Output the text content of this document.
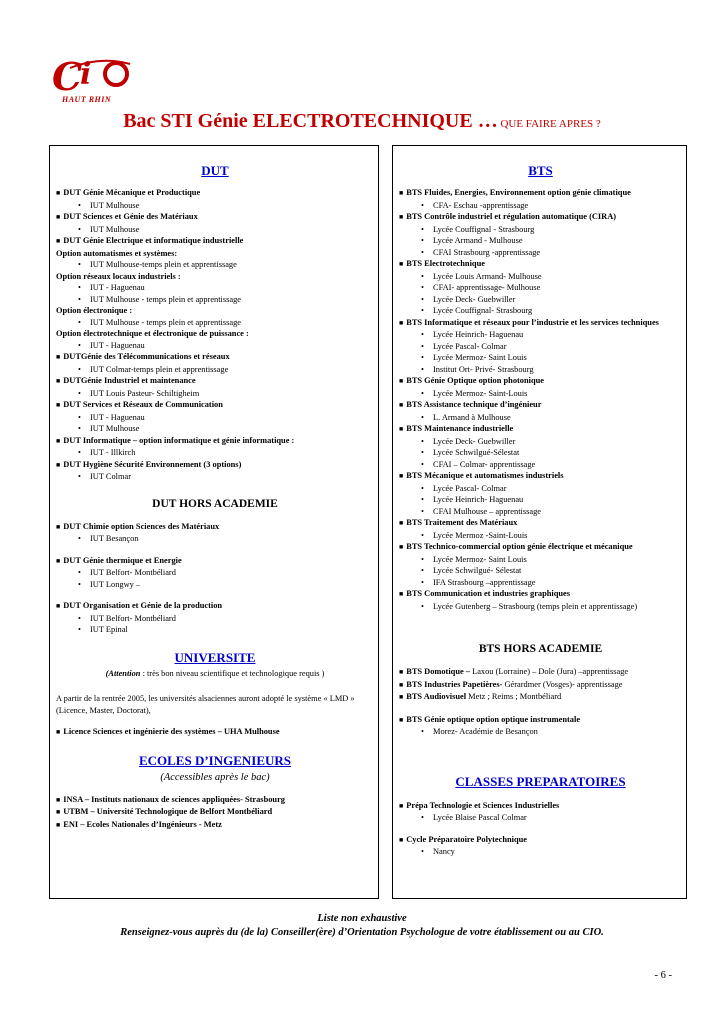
C
i
HAUT RHIN
Bac STI Génie ELECTROTECHNIQUE … QUE FAIRE APRES ?
DUT
■ DUT Génie Mécanique et Productique
• IUT Mulhouse
■ DUT Sciences et Génie des Matériaux
• IUT Mulhouse
■ DUT Génie Electrique et informatique industrielle
Option automatismes et systèmes:
• IUT Mulhouse-temps plein et apprentissage
Option réseaux locaux industriels :
• IUT - Haguenau
• IUT Mulhouse - temps plein et apprentissage
Option électronique :
• IUT Mulhouse - temps plein et apprentissage
Option électrotechnique et électronique de puissance :
• IUT - Haguenau
■ DUTGénie des Télécommunications et réseaux
• IUT Colmar-temps plein et apprentissage
■ DUTGénie Industriel et maintenance
• IUT Louis Pasteur- Schiltigheim
■ DUT Services et Réseaux de Communication
• IUT - Haguenau
• IUT Mulhouse
■ DUT Informatique – option informatique et génie informatique :
• IUT - Illkirch
■ DUT Hygiène Sécurité Environnement (3 options)
• IUT Colmar
DUT HORS ACADEMIE
■ DUT Chimie option Sciences des Matériaux
• IUT Besançon
■ DUT Génie thermique et Energie
• IUT Belfort- Montbéliard
• IUT Longwy –
■ DUT Organisation et Génie de la production
• IUT Belfort- Montbéliard
• IUT Epinal
UNIVERSITE
(Attention : très bon niveau scientifique et technologique requis )
A partir de la rentrée 2005, les universités alsaciennes auront adopté le système « LMD » (Licence, Master, Doctorat),
■ Licence Sciences et ingénierie des systèmes – UHA Mulhouse
ECOLES D’INGENIEURS
(Accessibles après le bac)
■ INSA – Instituts nationaux de sciences appliquées- Strasbourg
■ UTBM – Université Technologique de Belfort Montbéliard
■ ENI – Ecoles Nationales d’Ingénieurs - Metz
BTS
■ BTS Fluides, Energies, Environnement option génie climatique
• CFA- Eschau -apprentissage
■ BTS Contrôle industriel et régulation automatique (CIRA)
• Lycée Couffignal - Strasbourg
• Lycée Armand - Mulhouse
• CFAI Strasbourg -apprentissage
■ BTS Electrotechnique
• Lycée Louis Armand- Mulhouse
• CFAI- apprentissage- Mulhouse
• Lycée Deck- Guebwiller
• Lycée Couffignal- Strasbourg
■ BTS Informatique et réseaux pour l’industrie et les services techniques
• Lycée Heinrich- Haguenau
• Lycée Pascal- Colmar
• Lycée Mermoz- Saint Louis
• Institut Ort- Privé- Strasbourg
■ BTS Génie Optique option photonique
• Lycée Mermoz- Saint-Louis
■ BTS Assistance technique d’ingénieur
• L. Armand à Mulhouse
■ BTS Maintenance industrielle
• Lycée Deck- Guebwiller
• Lycée Schwilgué-Sélestat
• CFAI – Colmar- apprentissage
■ BTS Mécanique et automatismes industriels
• Lycée Pascal- Colmar
• Lycée Heinrich- Haguenau
• CFAI Mulhouse – apprentissage
■ BTS Traitement des Matériaux
• Lycée Mermoz -Saint-Louis
■ BTS Technico-commercial option génie électrique et mécanique
• Lycée Mermoz- Saint Louis
• Lycée Schwilgué- Sélestat
• IFA Strasbourg –apprentissage
■ BTS Communication et industries graphiques
• Lycée Gutenberg – Strasbourg (temps plein et apprentissage)
BTS HORS ACADEMIE
■ BTS Domotique – Laxou (Lorraine) – Dole (Jura) –apprentissage
■ BTS Industries Papetières- Gérardmer (Vosges)- apprentissage
■ BTS Audiovisuel Metz ; Reims ; Montbéliard
■ BTS Génie optique option optique instrumentale
• Morez- Académie de Besançon
CLASSES PREPARATOIRES
■ Prépa Technologie et Sciences Industrielles
• Lycée Blaise Pascal Colmar
■ Cycle Préparatoire Polytechnique
• Nancy
Liste non exhaustive
Renseignez-vous auprès du (de la) Conseiller(ère) d’Orientation Psychologue de votre établissement ou au CIO.
- 6 -
